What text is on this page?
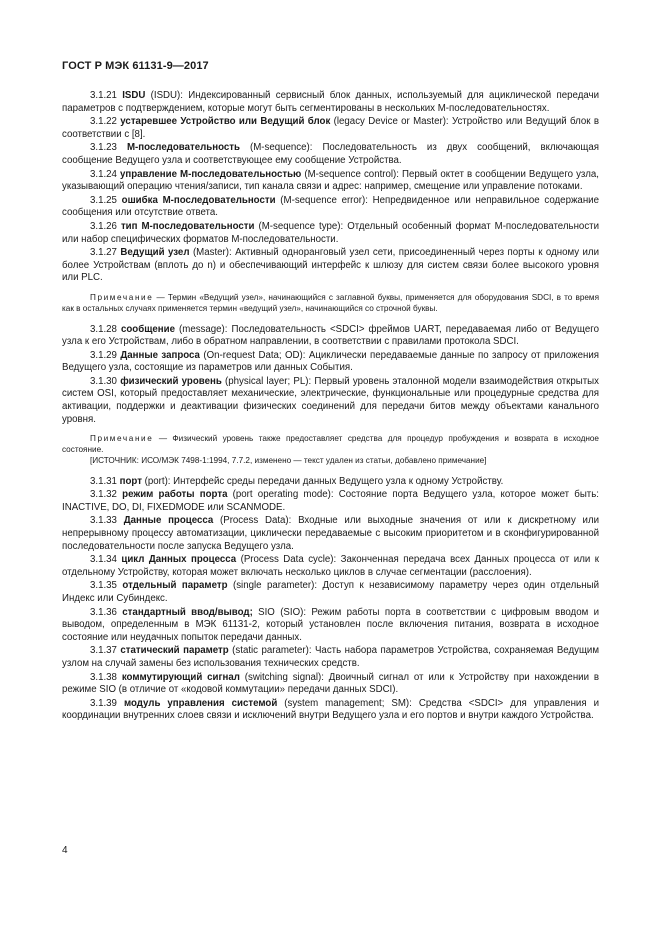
ГОСТ Р МЭК 61131-9—2017

3.1.21 ISDU (ISDU): Индексированный сервисный блок данных, используемый для ациклической передачи параметров с подтверждением, которые могут быть сегментированы в нескольких М-последовательностях.

3.1.22 устаревшее Устройство или Ведущий блок (legacy Device or Master): Устройство или Ведущий блок в соответствии с [8].

3.1.23 М-последовательность (M-sequence): Последовательность из двух сообщений, включающая сообщение Ведущего узла и соответствующее ему сообщение Устройства.

3.1.24 управление М-последовательностью (M-sequence control): Первый октет в сообщении Ведущего узла, указывающий операцию чтения/записи, тип канала связи и адрес: например, смещение или управление потоками.

3.1.25 ошибка М-последовательности (M-sequence error): Непредвиденное или неправильное содержание сообщения или отсутствие ответа.

3.1.26 тип М-последовательности (M-sequence type): Отдельный особенный формат М-последовательности или набор специфических форматов М-последовательности.

3.1.27 Ведущий узел (Master): Активный одноранговый узел сети, присоединенный через порты к одному или более Устройствам (вплоть до n) и обеспечивающий интерфейс к шлюзу для систем связи более высокого уровня или PLC.

Примечание — Термин «Ведущий узел», начинающийся с заглавной буквы, применяется для оборудования SDCI, в то время как в остальных случаях применяется термин «ведущий узел», начинающийся со строчной буквы.

3.1.28 сообщение (message): Последовательность <SDCI> фреймов UART, передаваемая либо от Ведущего узла к его Устройствам, либо в обратном направлении, в соответствии с правилами протокола SDCI.

3.1.29 Данные запроса (On-request Data; OD): Ациклически передаваемые данные по запросу от приложения Ведущего узла, состоящие из параметров или данных События.

3.1.30 физический уровень (physical layer; PL): Первый уровень эталонной модели взаимодействия открытых систем OSI, который предоставляет механические, электрические, функциональные или процедурные средства для активации, поддержки и деактивации физических соединений для передачи битов между объектами канального уровня.

Примечание — Физический уровень также предоставляет средства для процедур пробуждения и возврата в исходное состояние.
[ИСТОЧНИК: ИСО/МЭК 7498-1:1994, 7.7.2, изменено — текст удален из статьи, добавлено примечание]

3.1.31 порт (port): Интерфейс среды передачи данных Ведущего узла к одному Устройству.

3.1.32 режим работы порта (port operating mode): Состояние порта Ведущего узла, которое может быть: INACTIVE, DO, DI, FIXEDMODE или SCANMODE.

3.1.33 Данные процесса (Process Data): Входные или выходные значения от или к дискретному или непрерывному процессу автоматизации, циклически передаваемые с высоким приоритетом и в сконфигурированной последовательности после запуска Ведущего узла.

3.1.34 цикл Данных процесса (Process Data cycle): Законченная передача всех Данных процесса от или к отдельному Устройству, которая может включать несколько циклов в случае сегментации (расслоения).

3.1.35 отдельный параметр (single parameter): Доступ к независимому параметру через один отдельный Индекс или Субиндекс.

3.1.36 стандартный ввод/вывод; SIO (SIO): Режим работы порта в соответствии с цифровым вводом и выводом, определенным в МЭК 61131-2, который установлен после включения питания, возврата в исходное состояние или неудачных попыток передачи данных.

3.1.37 статический параметр (static parameter): Часть набора параметров Устройства, сохраняемая Ведущим узлом на случай замены без использования технических средств.

3.1.38 коммутирующий сигнал (switching signal): Двоичный сигнал от или к Устройству при нахождении в режиме SIO (в отличие от «кодовой коммутации» передачи данных SDCI).

3.1.39 модуль управления системой (system management; SM): Средства <SDCI> для управления и координации внутренних слоев связи и исключений внутри Ведущего узла и его портов и внутри каждого Устройства.

4
